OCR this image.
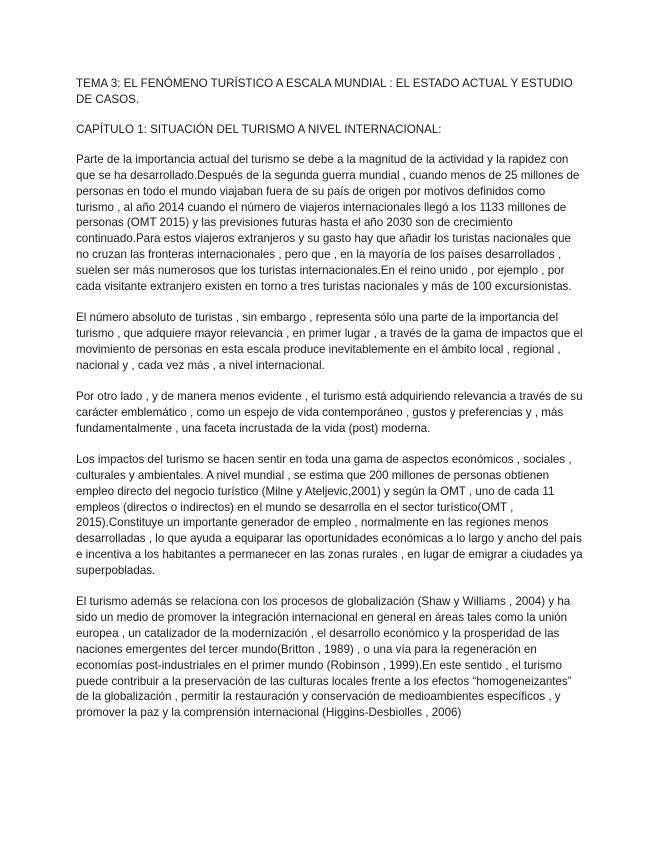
TEMA 3: EL FENÓMENO TURÍSTICO A ESCALA MUNDIAL : EL ESTADO ACTUAL Y ESTUDIO DE CASOS.

CAPÍTULO 1: SITUACIÓN DEL TURISMO A NIVEL INTERNACIONAL:

Parte de la importancia actual del turismo se debe a la magnitud de la actividad y la rapidez con que se ha desarrollado.Después de la segunda guerra mundial , cuando menos de 25 millones de personas en todo el mundo viajaban fuera de su país de origen por motivos definidos como turismo , al año 2014 cuando el número de viajeros internacionales llegó a los 1133 millones de personas (OMT 2015) y las previsiones futuras hasta el año 2030 son de crecimiento continuado.Para estos viajeros extranjeros y su gasto hay que añadir los turistas nacionales que no cruzan las fronteras internacionales , pero que , en la mayoría de los países desarrollados , suelen ser más numerosos que los turistas internacionales.En el reino unido , por ejemplo , por cada visitante extranjero existen en torno a tres turistas nacionales y más de 100 excursionistas.

El número absoluto de turistas , sin embargo , representa sólo una parte de la importancia del turismo , que adquiere mayor relevancia , en primer lugar , a través de la gama de impactos que el movimiento de personas en esta escala produce inevitablemente en el ámbito local , regional , nacional y , cada vez más , a nivel internacional.

Por otro lado , y de manera menos evidente , el turismo está adquiriendo relevancia a través de su carácter emblemático , como un espejo de vida contemporáneo , gustos y preferencias y , más fundamentalmente , una faceta incrustada de la vida (post) moderna.

Los impactos del turismo se hacen sentir en toda una gama de aspectos económicos , sociales , culturales y ambientales. A nivel mundial , se estima que 200 millones de personas obtienen empleo directo del negocio turístico (Milne y Ateljevic,2001) y según la OMT , uno de cada 11 empleos (directos o indirectos) en el mundo se desarrolla en el sector turístico(OMT , 2015).Constituye un importante generador de empleo , normalmente en las regiones menos desarrolladas , lo que ayuda a equiparar las oportunidades económicas a lo largo y ancho del país e incentiva a los habitantes a permanecer en las zonas rurales , en lugar de emigrar a ciudades ya superpobladas.

El turismo además se relaciona con los procesos de globalización (Shaw y Williams , 2004) y ha sido un medio de promover la integración internacional en general en áreas tales como la unión europea , un catalizador de la modernización , el desarrollo económico y la prosperidad de las naciones emergentes del tercer mundo(Britton , 1989) , o una vía para la regeneración en economías post-industriales en el primer mundo (Robinson , 1999).En este sentido , el turismo puede contribuir a la preservación de las culturas locales frente a los efectos “homogeneizantes” de la globalización , permitir la restauración y conservación de medioambientes específicos , y promover la paz y la comprensión internacional (Higgins-Desbiolles , 2006)
